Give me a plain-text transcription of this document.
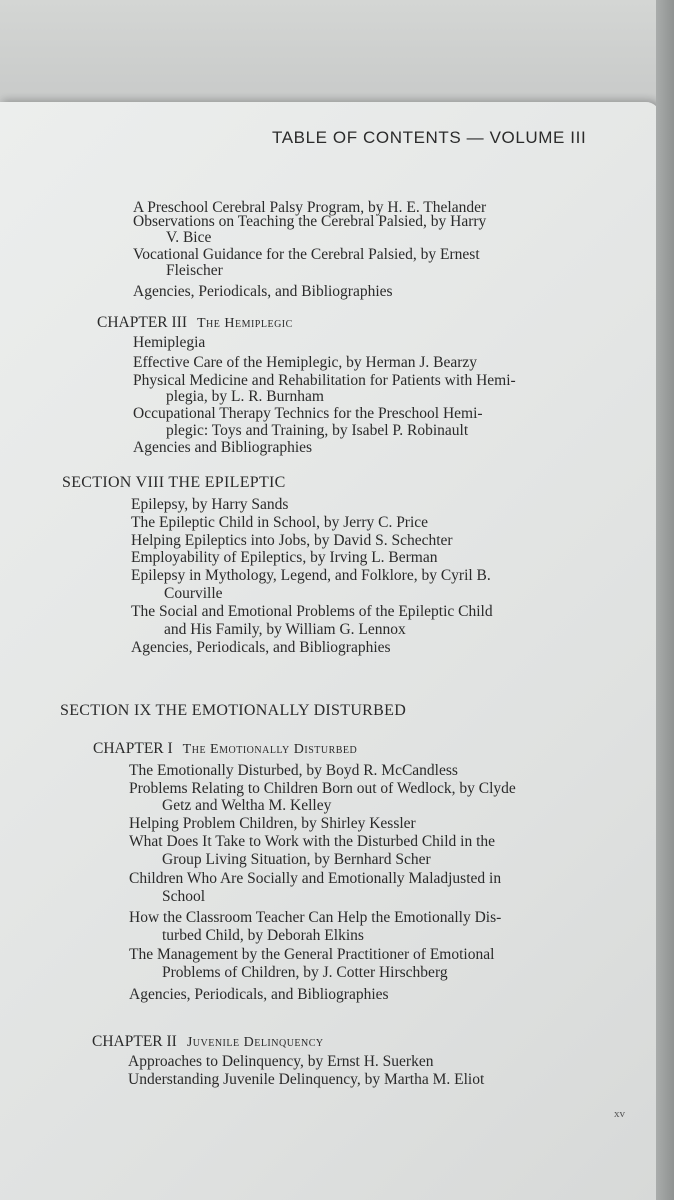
TABLE OF CONTENTS — VOLUME III
A Preschool Cerebral Palsy Program, by H. E. Thelander
Observations on Teaching the Cerebral Palsied, by Harry
V. Bice
Vocational Guidance for the Cerebral Palsied, by Ernest
Fleischer
Agencies, Periodicals, and Bibliographies
CHAPTER III The Hemiplegic
Hemiplegia
Effective Care of the Hemiplegic, by Herman J. Bearzy
Physical Medicine and Rehabilitation for Patients with Hemi-
plegia, by L. R. Burnham
Occupational Therapy Technics for the Preschool Hemi-
plegic: Toys and Training, by Isabel P. Robinault
Agencies and Bibliographies
SECTION VIII THE EPILEPTIC
Epilepsy, by Harry Sands
The Epileptic Child in School, by Jerry C. Price
Helping Epileptics into Jobs, by David S. Schechter
Employability of Epileptics, by Irving L. Berman
Epilepsy in Mythology, Legend, and Folklore, by Cyril B.
Courville
The Social and Emotional Problems of the Epileptic Child
and His Family, by William G. Lennox
Agencies, Periodicals, and Bibliographies
SECTION IX THE EMOTIONALLY DISTURBED
CHAPTER I The Emotionally Disturbed
The Emotionally Disturbed, by Boyd R. McCandless
Problems Relating to Children Born out of Wedlock, by Clyde
Getz and Weltha M. Kelley
Helping Problem Children, by Shirley Kessler
What Does It Take to Work with the Disturbed Child in the
Group Living Situation, by Bernhard Scher
Children Who Are Socially and Emotionally Maladjusted in
School
How the Classroom Teacher Can Help the Emotionally Dis-
turbed Child, by Deborah Elkins
The Management by the General Practitioner of Emotional
Problems of Children, by J. Cotter Hirschberg
Agencies, Periodicals, and Bibliographies
CHAPTER II Juvenile Delinquency
Approaches to Delinquency, by Ernst H. Suerken
Understanding Juvenile Delinquency, by Martha M. Eliot
xv
